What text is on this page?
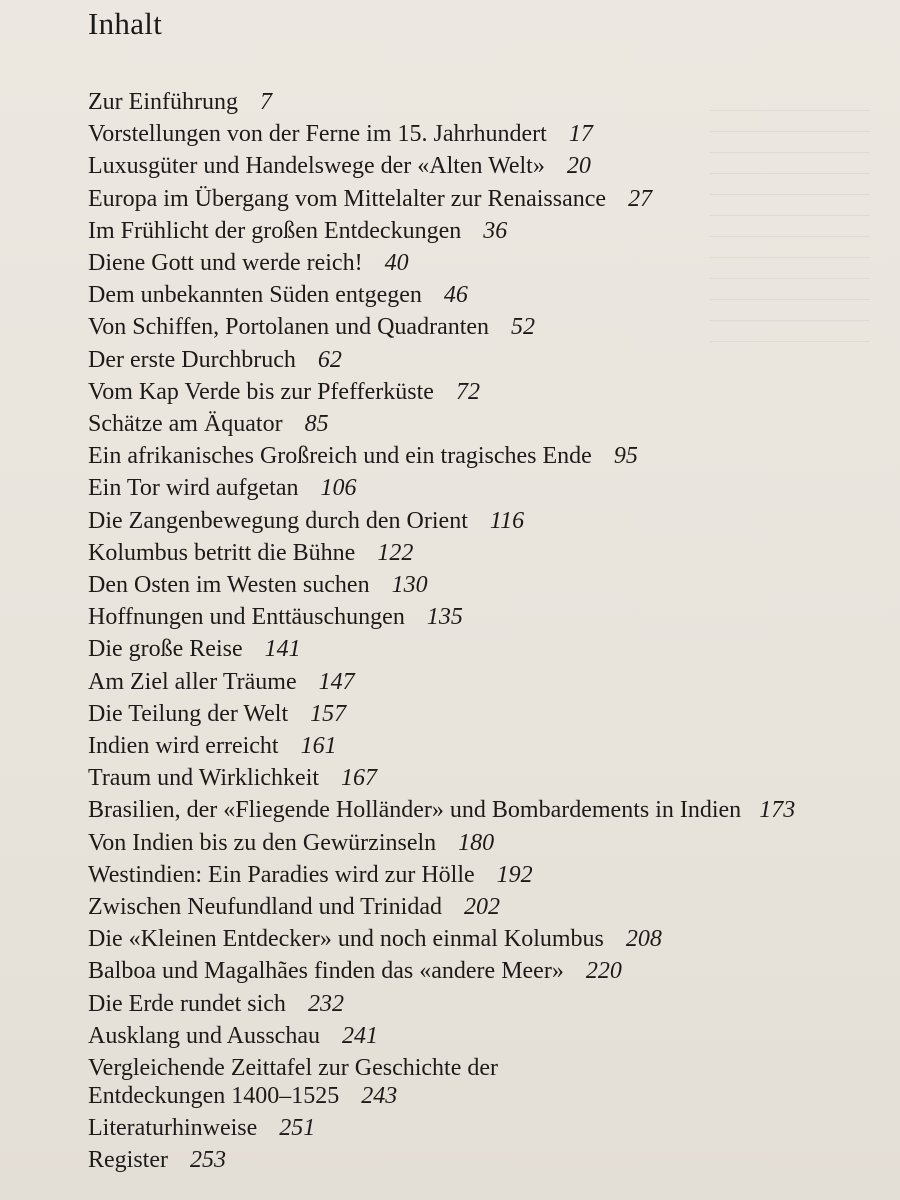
Inhalt
Zur Einführung 7
Vorstellungen von der Ferne im 15. Jahrhundert 17
Luxusgüter und Handelswege der «Alten Welt» 20
Europa im Übergang vom Mittelalter zur Renaissance 27
Im Frühlicht der großen Entdeckungen 36
Diene Gott und werde reich! 40
Dem unbekannten Süden entgegen 46
Von Schiffen, Portolanen und Quadranten 52
Der erste Durchbruch 62
Vom Kap Verde bis zur Pfefferküste 72
Schätze am Äquator 85
Ein afrikanisches Großreich und ein tragisches Ende 95
Ein Tor wird aufgetan 106
Die Zangenbewegung durch den Orient 116
Kolumbus betritt die Bühne 122
Den Osten im Westen suchen 130
Hoffnungen und Enttäuschungen 135
Die große Reise 141
Am Ziel aller Träume 147
Die Teilung der Welt 157
Indien wird erreicht 161
Traum und Wirklichkeit 167
Brasilien, der «Fliegende Holländer» und Bombardements in Indien 173
Von Indien bis zu den Gewürzinseln 180
Westindien: Ein Paradies wird zur Hölle 192
Zwischen Neufundland und Trinidad 202
Die «Kleinen Entdecker» und noch einmal Kolumbus 208
Balboa und Magalhães finden das «andere Meer» 220
Die Erde rundet sich 232
Ausklang und Ausschau 241
Vergleichende Zeittafel zur Geschichte der
Entdeckungen 1400–1525 243
Literaturhinweise 251
Register 253
